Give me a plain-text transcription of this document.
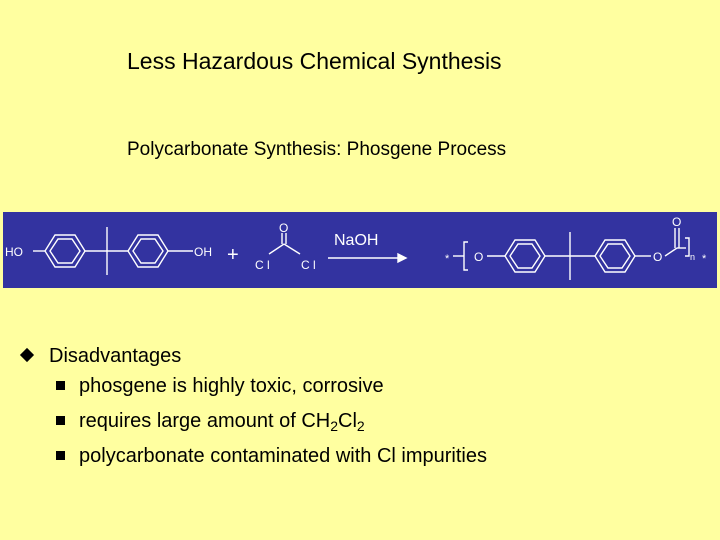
Less Hazardous Chemical Synthesis
Polycarbonate Synthesis: Phosgene Process
HO	OH +
O
C l	C l
NaOH
* O
O
O	n *
Disadvantages
phosgene is highly toxic, corrosive
requires large amount of $CH_2Cl_2$
polycarbonate contaminated with Cl impurities
